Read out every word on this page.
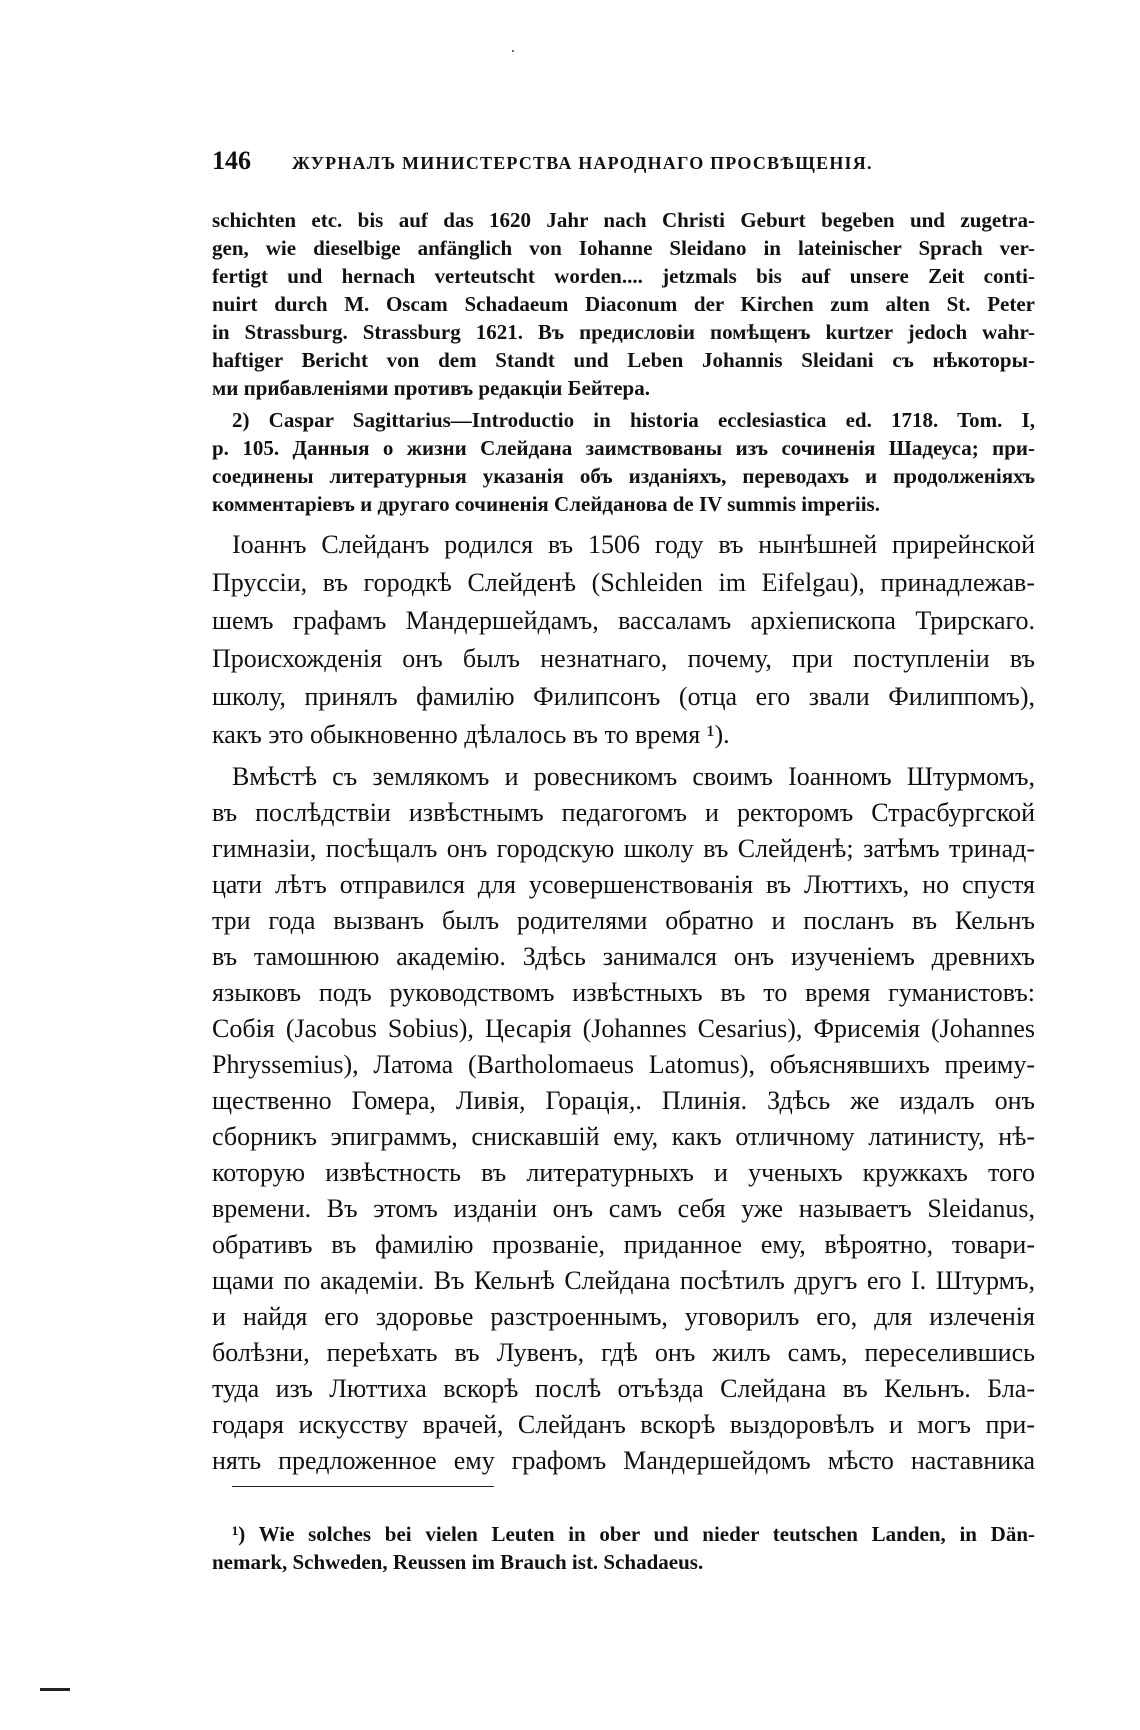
146 ЖУРНАЛЪ МИНИСТЕРСТВА НАРОДНАГО ПРОСВѢЩЕНІЯ.
schichten etc. bis auf das 1620 Jahr nach Christi Geburt begeben und zugetra-
gen, wie dieselbige anfänglich von Iohanne Sleidano in lateinischer Sprach ver-
fertigt und hernach verteutscht worden.... jetzmals bis auf unsere Zeit conti-
nuirt durch M. Oscam Schadaeum Diaconum der Kirchen zum alten St. Peter
in Strassburg. Strassburg 1621. Въ предисловіи помѣщенъ kurtzer jedoch wahr-
haftiger Bericht von dem Standt und Leben Johannis Sleidani съ нѣкоторы-
ми прибавленіями противъ редакціи Бейтера.
2) Caspar Sagittarius—Introductio in historia ecclesiastica ed. 1718. Tom. I,
p. 105. Данныя о жизни Слейдана заимствованы изъ сочиненія Шадеуса; при-
соединены литературныя указанія объ изданіяхъ, переводахъ и продолженіяхъ
комментаріевъ и другаго сочиненія Слейданова de IV summis imperiis.
Іоаннъ Слейданъ родился въ 1506 году въ нынѣшней прирейнской
Пруссіи, въ городкѣ Слейденѣ (Schleiden im Eifelgau), принадлежав-
шемъ графамъ Мандершейдамъ, вассаламъ архіепископа Трирскаго.
Происхожденія онъ былъ незнатнаго, почему, при поступленіи въ
школу, принялъ фамилію Филипсонъ (отца его звали Филиппомъ),
какъ это обыкновенно дѣлалось въ то время ¹).
Вмѣстѣ съ землякомъ и ровесникомъ своимъ Іоанномъ Штурмомъ,
въ послѣдствіи извѣстнымъ педагогомъ и ректоромъ Страсбургской
гимназіи, посѣщалъ онъ городскую школу въ Слейденѣ; затѣмъ тринад-
цати лѣтъ отправился для усовершенствованія въ Люттихъ, но спустя
три года вызванъ былъ родителями обратно и посланъ въ Кельнъ
въ тамошнюю академію. Здѣсь занимался онъ изученіемъ древнихъ
языковъ подъ руководствомъ извѣстныхъ въ то время гуманистовъ:
Собія (Jacobus Sobius), Цесарія (Johannes Cesarius), Фрисемія (Johannes
Phryssemius), Латома (Bartholomaeus Latomus), объяснявшихъ преиму-
щественно Гомера, Ливія, Горація,. Плинія. Здѣсь же издалъ онъ
сборникъ эпиграммъ, снискавшій ему, какъ отличному латинисту, нѣ-
которую извѣстность въ литературныхъ и ученыхъ кружкахъ того
времени. Въ этомъ изданіи онъ самъ себя уже называетъ Sleidanus,
обративъ въ фамилію прозваніе, приданное ему, вѣроятно, товари-
щами по академіи. Въ Кельнѣ Слейдана посѣтилъ другъ его І. Штурмъ,
и найдя его здоровье разстроеннымъ, уговорилъ его, для излеченія
болѣзни, переѣхать въ Лувенъ, гдѣ онъ жилъ самъ, переселившись
туда изъ Люттиха вскорѣ послѣ отъѣзда Слейдана въ Кельнъ. Бла-
годаря искусству врачей, Слейданъ вскорѣ выздоровѣлъ и могъ при-
¹) Wie solches bei vielen Leuten in ober und nieder teutschen Landen, in Dän-
nemark, Schweden, Reussen im Brauch ist. Schadaeus.
нять предложенное ему графомъ Мандершейдомъ мѣсто наставника
